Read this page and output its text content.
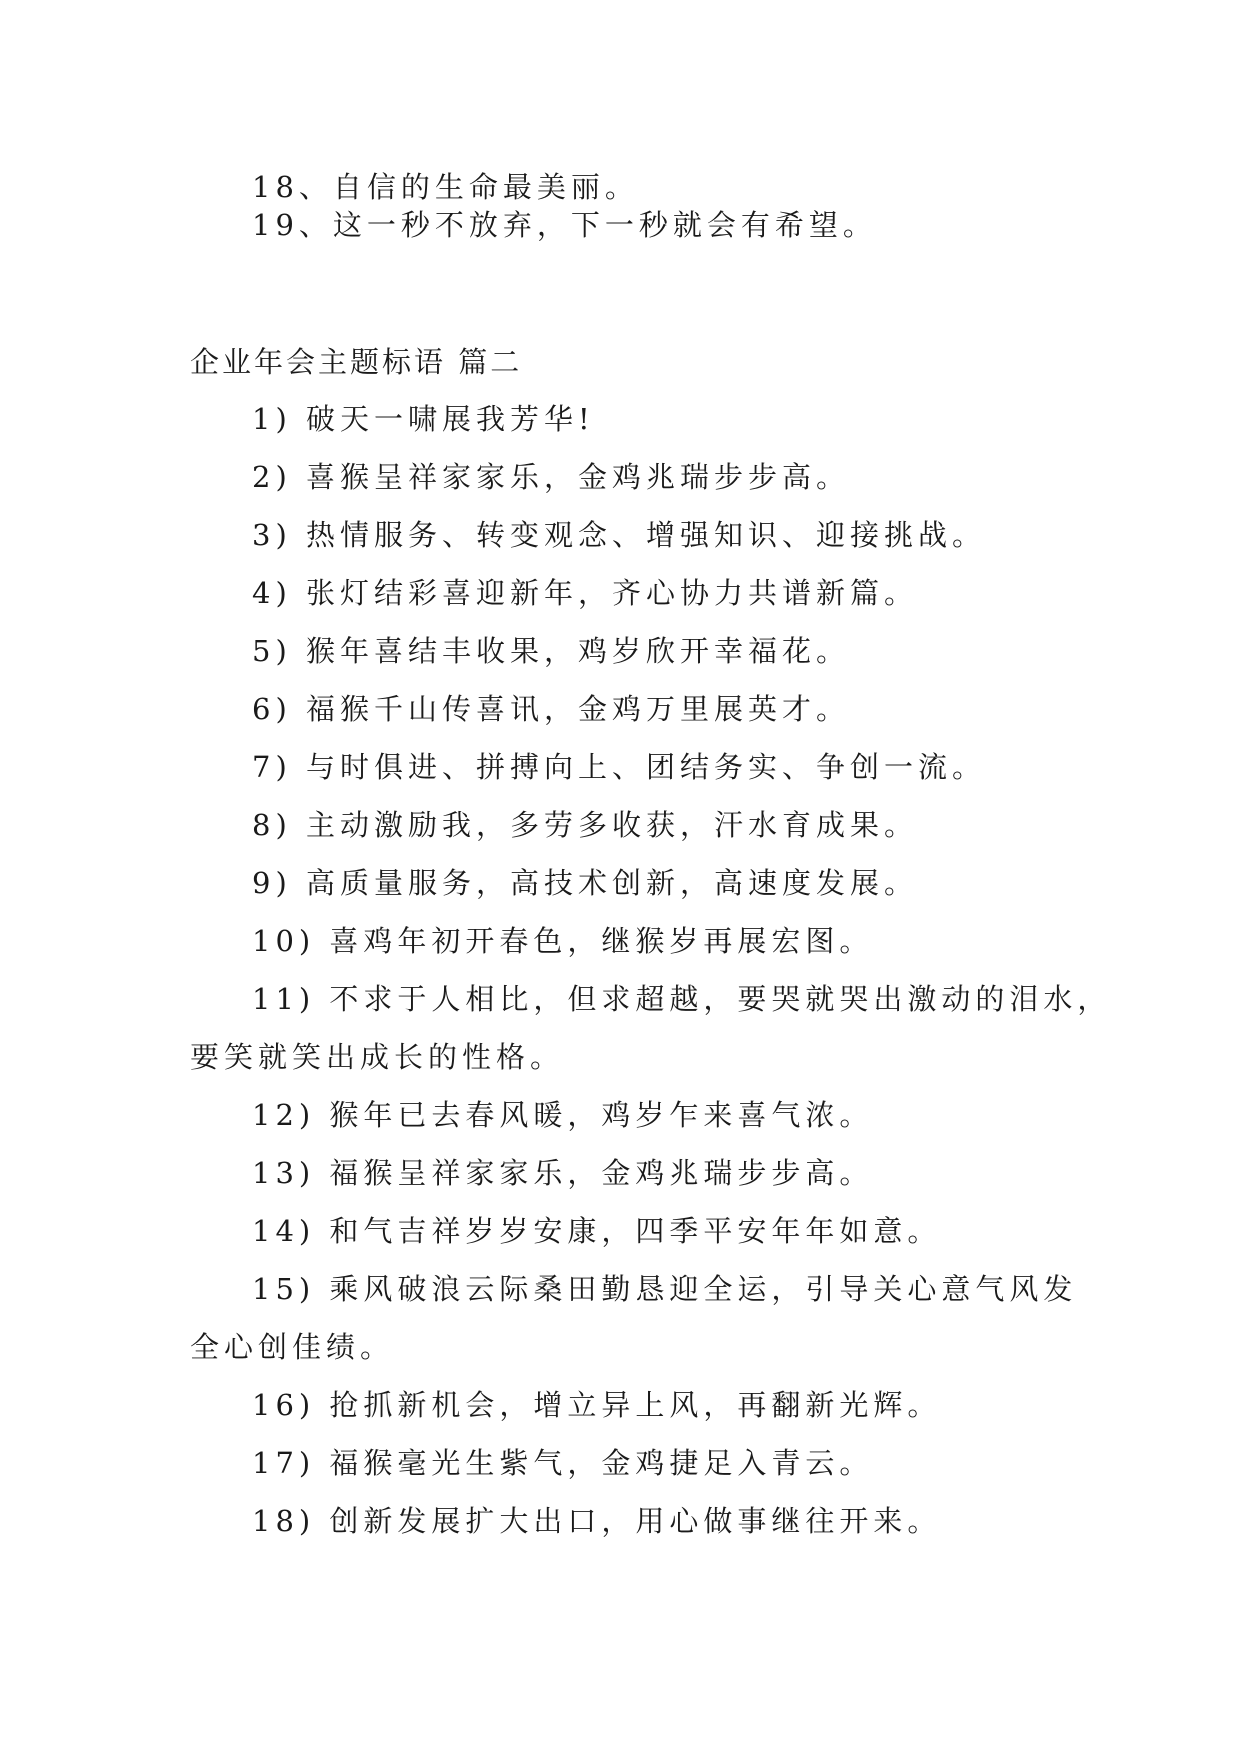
18、自信的生命最美丽。
19、这一秒不放弃，下一秒就会有希望。
企业年会主题标语 篇二
1) 破天一啸展我芳华!
2) 喜猴呈祥家家乐，金鸡兆瑞步步高。
3) 热情服务、转变观念、增强知识、迎接挑战。
4) 张灯结彩喜迎新年，齐心协力共谱新篇。
5) 猴年喜结丰收果，鸡岁欣开幸福花。
6) 福猴千山传喜讯，金鸡万里展英才。
7) 与时俱进、拼搏向上、团结务实、争创一流。
8) 主动激励我，多劳多收获，汗水育成果。
9) 高质量服务，高技术创新，高速度发展。
10) 喜鸡年初开春色，继猴岁再展宏图。
11) 不求于人相比，但求超越，要哭就哭出激动的泪水，
要笑就笑出成长的性格。
12) 猴年已去春风暖，鸡岁乍来喜气浓。
13) 福猴呈祥家家乐，金鸡兆瑞步步高。
14) 和气吉祥岁岁安康，四季平安年年如意。
15) 乘风破浪云际桑田勤恳迎全运，引导关心意气风发
全心创佳绩。
16) 抢抓新机会，增立异上风，再翻新光辉。
17) 福猴毫光生紫气，金鸡捷足入青云。
18) 创新发展扩大出口，用心做事继往开来。
